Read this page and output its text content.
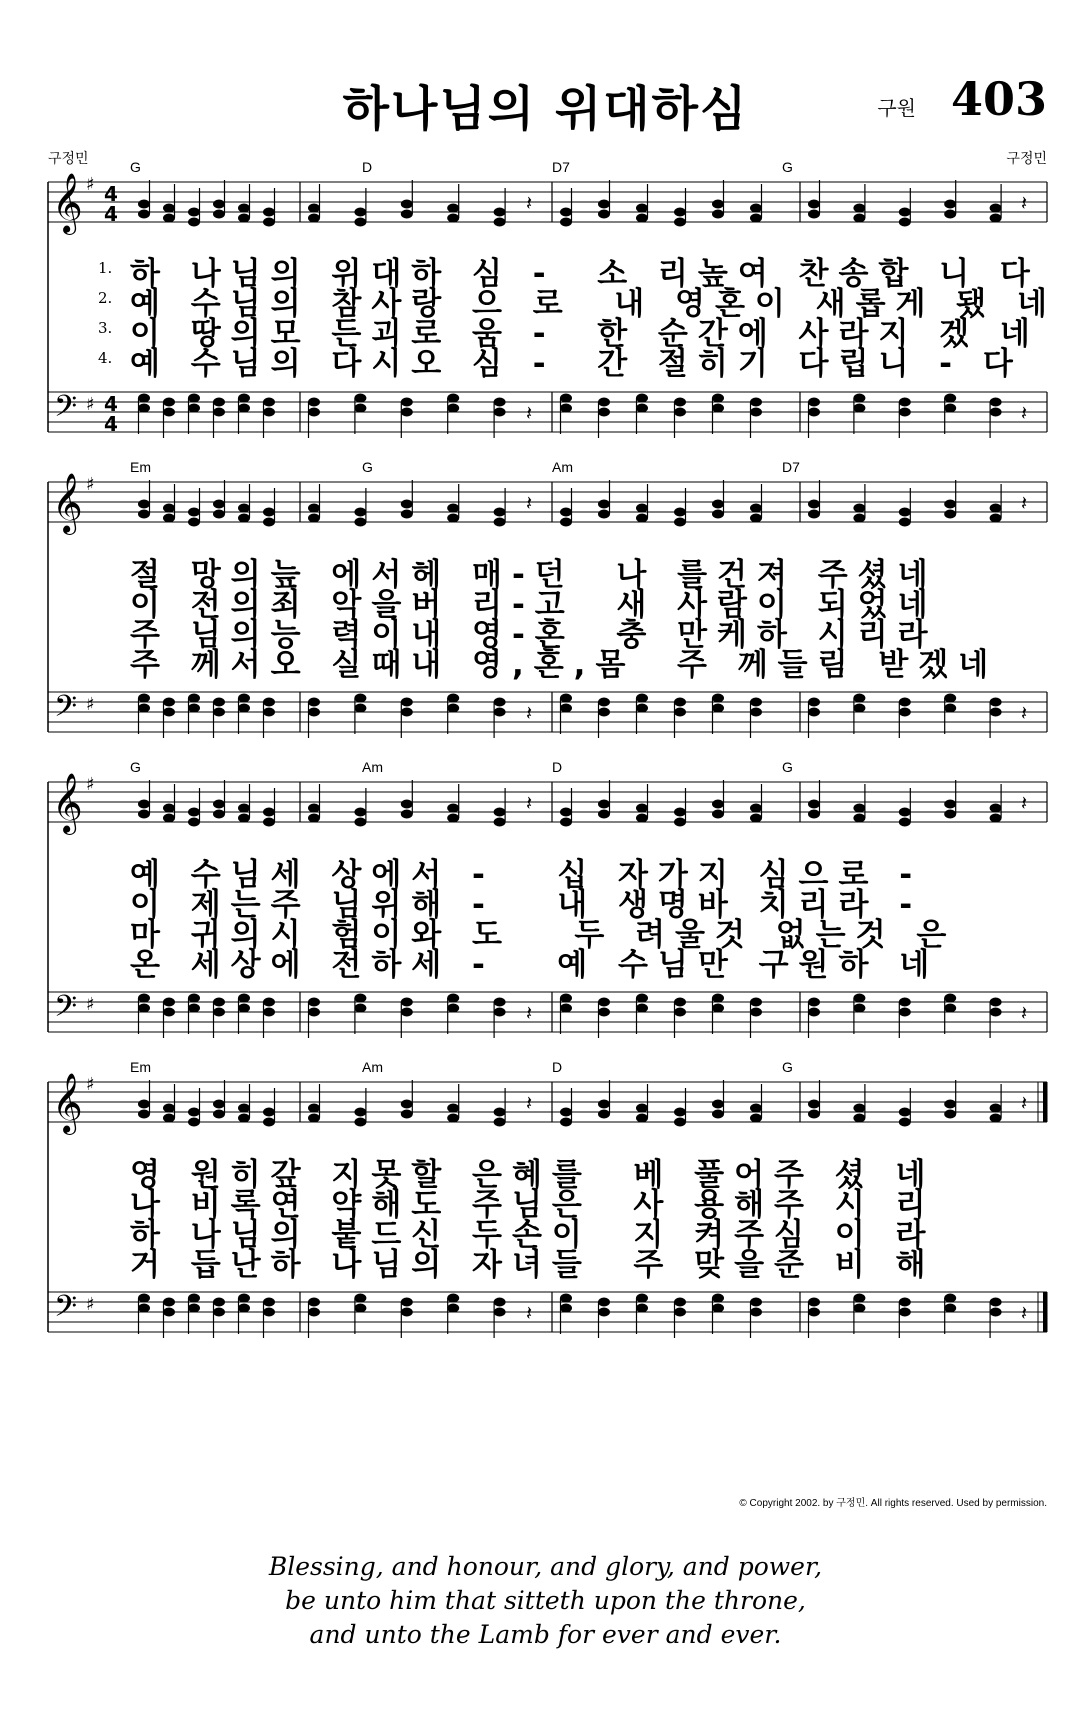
하나님의 위대하심	구원 403
구정민	구정민
𝄞
𝄢
♯
♯
4
4
4
4
G	D	D7	G
𝄽
𝄽
𝄽
𝄽
1. 하 나님의 위대하 심 -  소 리높여 찬송합 니 다
2. 예 수님의 참사랑 으 로  내 영혼이 새롭게 됐 네
3. 이 땅의모 든괴로 움 -  한 순간에 사라지 겠 네
4. 예 수님의 다시오 심 -  간 절히기 다립니 - 다
𝄞
𝄢
♯
♯
Em	G	Am	D7
𝄽
𝄽
𝄽
𝄽
절 망의늪 에서헤 매-던  나 를건져 주셨네
이 전의죄 악을버 리-고  새 사람이 되었네
주 님의능 력이내 영-혼  충 만케하 시리라
주 께서오 실때내 영,혼,몸  주 께들림 받겠네
𝄞
𝄢
♯
♯
G	Am	D	G
𝄽
𝄽
𝄽
𝄽
예 수님세 상에서 -   십 자가지 심으로 -
이 제는주 님위해 -   내 생명바 치리라 -
마 귀의시 험이와 도   두 려울것 없는것 은
온 세상에 전하세 -   예 수님만 구원하 네
𝄞
𝄢
♯
♯
Em	Am	D	G
𝄽
𝄽
𝄽
𝄽
영 원히갚 지못할 은혜를  베 풀어주 셨 네
나 비록연 약해도 주님은  사 용해주 시 리
하 나님의 붙드신 두손이  지 켜주심 이 라
거 듭난하 나님의 자녀들  주 맞을준 비 해
© Copyright 2002. by 구정민. All rights reserved. Used by permission.
Blessing, and honour, and glory, and power,
be unto him that sitteth upon the throne,
and unto the Lamb for ever and ever.
